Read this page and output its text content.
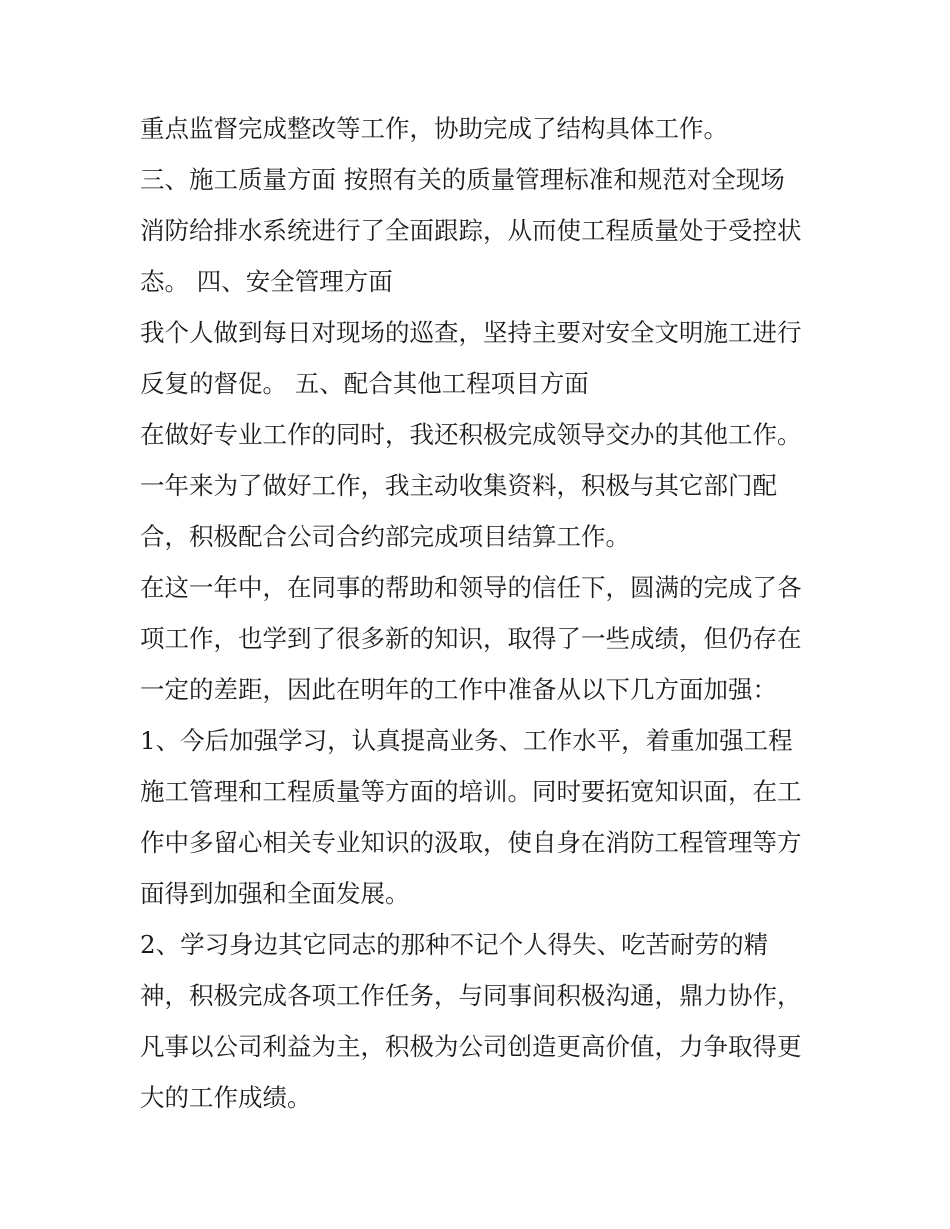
重点监督完成整改等工作，协助完成了结构具体工作。
三、施工质量方面 按照有关的质量管理标准和规范对全现场
消防给排水系统进行了全面跟踪，从而使工程质量处于受控状
态。 四、安全管理方面
我个人做到每日对现场的巡查，坚持主要对安全文明施工进行
反复的督促。 五、配合其他工程项目方面
在做好专业工作的同时，我还积极完成领导交办的其他工作。
一年来为了做好工作，我主动收集资料，积极与其它部门配
合，积极配合公司合约部完成项目结算工作。
在这一年中，在同事的帮助和领导的信任下，圆满的完成了各
项工作，也学到了很多新的知识，取得了一些成绩，但仍存在
一定的差距，因此在明年的工作中准备从以下几方面加强：
1、今后加强学习，认真提高业务、工作水平，着重加强工程
施工管理和工程质量等方面的培训。同时要拓宽知识面，在工
作中多留心相关专业知识的汲取，使自身在消防工程管理等方
面得到加强和全面发展。
2、学习身边其它同志的那种不记个人得失、吃苦耐劳的精
神，积极完成各项工作任务，与同事间积极沟通，鼎力协作，
凡事以公司利益为主，积极为公司创造更高价值，力争取得更
大的工作成绩。
